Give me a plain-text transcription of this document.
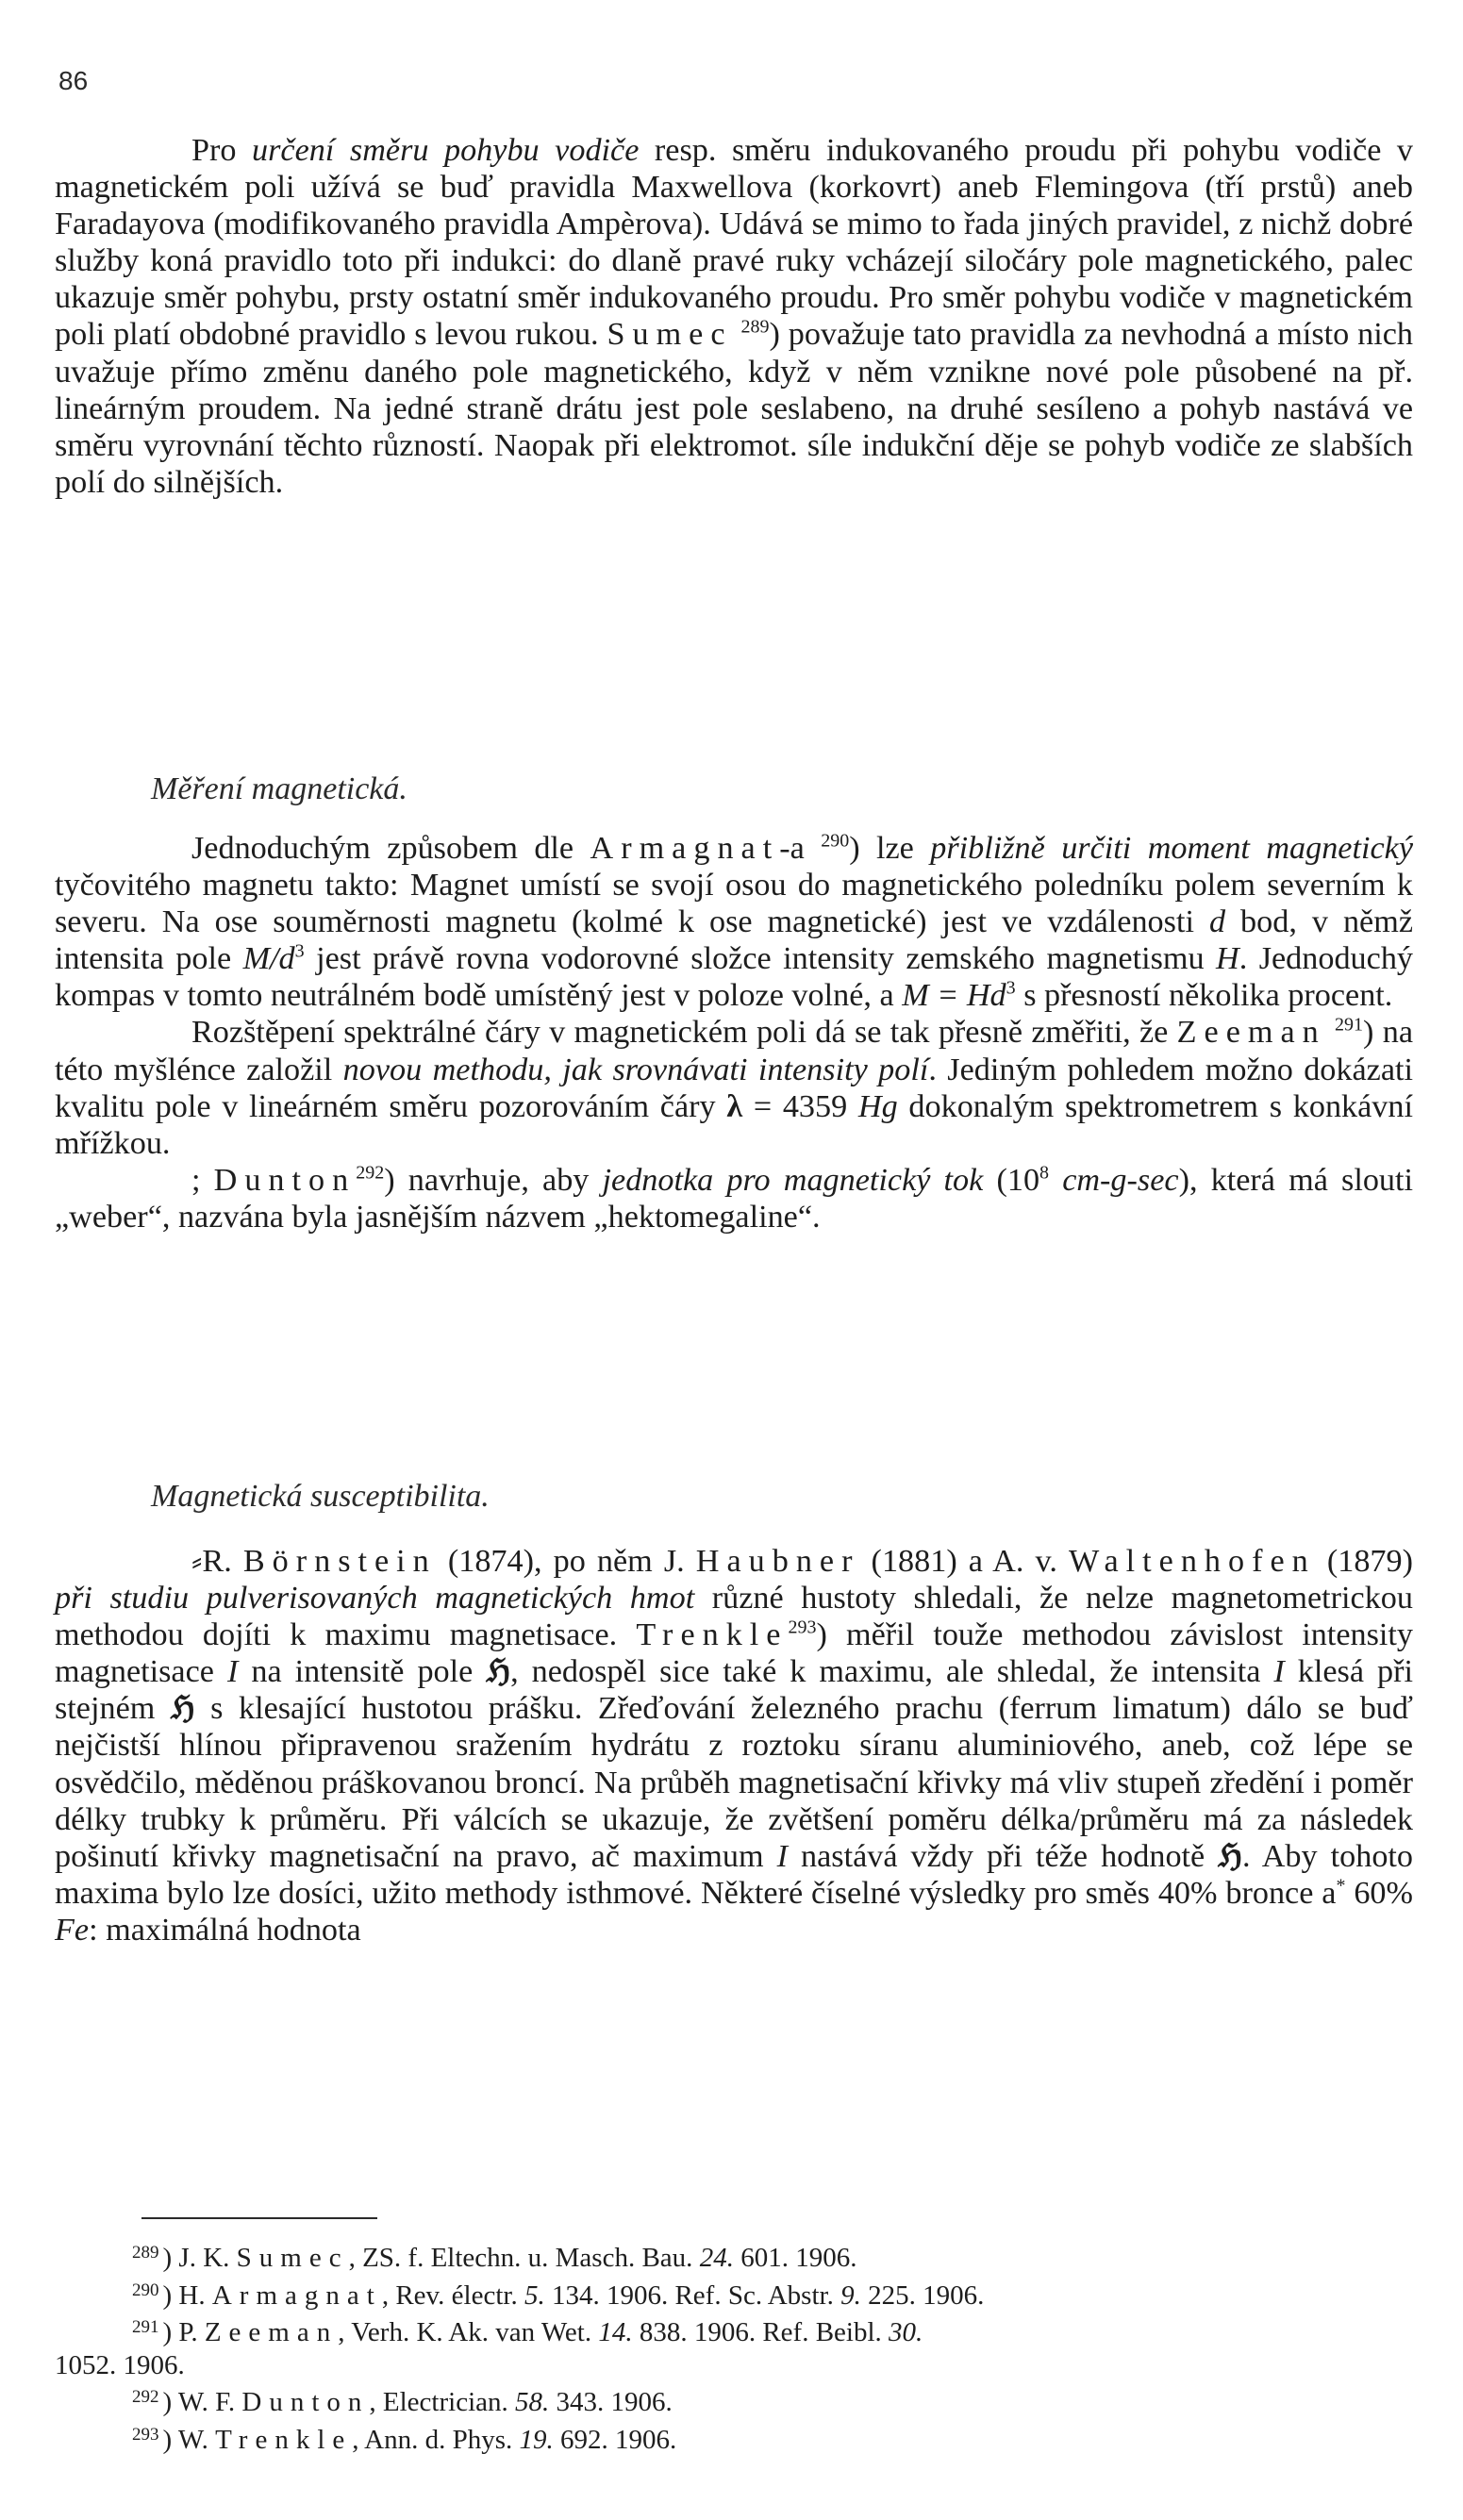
86

Pro určení směru pohybu vodiče resp. směru indukovaného proudu při pohybu vodiče v magnetickém poli užívá se buď pravidla Maxwellova (korkovrt) aneb Flemingova (tří prstů) aneb Faradayova (modifikovaného pravidla Ampèrova). Udává se mimo to řada jiných pravidel, z nichž dobré služby koná pravidlo toto při indukci: do dlaně pravé ruky vcházejí siločáry pole magnetického, palec ukazuje směr pohybu, prsty ostatní směr indukovaného proudu. Pro směr pohybu vodiče v magnetickém poli platí obdobné pravidlo s levou rukou. Sumec $^{289}$) považuje tato pravidla za nevhodná a místo nich uvažuje přímo změnu daného pole magnetického, když v něm vznikne nové pole působené na př. lineárným proudem. Na jedné straně drátu jest pole seslabeno, na druhé sesíleno a pohyb nastává ve směru vyrovnání těchto růzností. Naopak při elektromot. síle indukční děje se pohyb vodiče ze slabších polí do silnějších.

Měření magnetická.

Jednoduchým způsobem dle Armagnat-a $^{290}$) lze přibližně určiti moment magnetický tyčovitého magnetu takto: Magnet umístí se svojí osou do magnetického poledníku polem severním k severu. Na ose souměrnosti magnetu (kolmé k ose magnetické) jest ve vzdálenosti d bod, v němž intensita pole $M/d^3$ jest právě rovna vodorovné složce intensity zemského magnetismu H. Jednoduchý kompas v tomto neutrálném bodě umístěný jest v poloze volné, a $M = Hd^3$ s přesností několika procent.

Rozštěpení spektrálné čáry v magnetickém poli dá se tak přesně změřiti, že Zeeman $^{291}$) na této myšlénce založil novou methodu, jak srovnávati intensity polí. Jediným pohledem možno dokázati kvalitu pole v lineárném směru pozorováním čáry λ = 4359 Hg dokonalým spektrometrem s konkávní mřížkou.

; Dunton$^{292}$) navrhuje, aby jednotka pro magnetický tok ($10^8$ cm-g-sec), která má slouti „weber“, nazvána byla jasnějším názvem „hektomegaline“.

Magnetická susceptibilita.

⸗R. Börnstein (1874), po něm J. Haubner (1881) a A. v. Waltenhofen (1879) při studiu pulverisovaných magnetických hmot různé hustoty shledali, že nelze magnetometrickou methodou dojíti k maximu magnetisace. Trenkle$^{293}$) měřil touže methodou závislost intensity magnetisace I na intensitě pole ℌ, nedospěl sice také k maximu, ale shledal, že intensita I klesá při stejném ℌ s klesající hustotou prášku. Zřeďování železného prachu (ferrum limatum) dálo se buď nejčistší hlínou připravenou sražením hydrátu z roztoku síranu aluminiového, aneb, což lépe se osvědčilo, měděnou práškovanou broncí. Na průběh magnetisační křivky má vliv stupeň zředění i poměr délky trubky k průměru. Při válcích se ukazuje, že zvětšení poměru délka/průměru má za následek pošinutí křivky magnetisační na pravo, ač maximum I nastává vždy při téže hodnotě ℌ. Aby tohoto maxima bylo lze dosíci, užito methody isthmové. Některé číselné výsledky pro směs 40% bronce a* 60% Fe: maximálná hodnota

$^{289}$ ) J. K. Sumec, ZS. f. Eltechn. u. Masch. Bau. 24. 601. 1906.

$^{290}$ ) H. Armagnat, Rev. électr. 5. 134. 1906. Ref. Sc. Abstr. 9. 225. 1906.

$^{291}$ ) P. Zeeman, Verh. K. Ak. van Wet. 14. 838. 1906. Ref. Beibl. 30.

1052. 1906.

$^{292}$ ) W. F. Dunton, Electrician. 58. 343. 1906.

$^{293}$ ) W. Trenkle, Ann. d. Phys. 19. 692. 1906.
